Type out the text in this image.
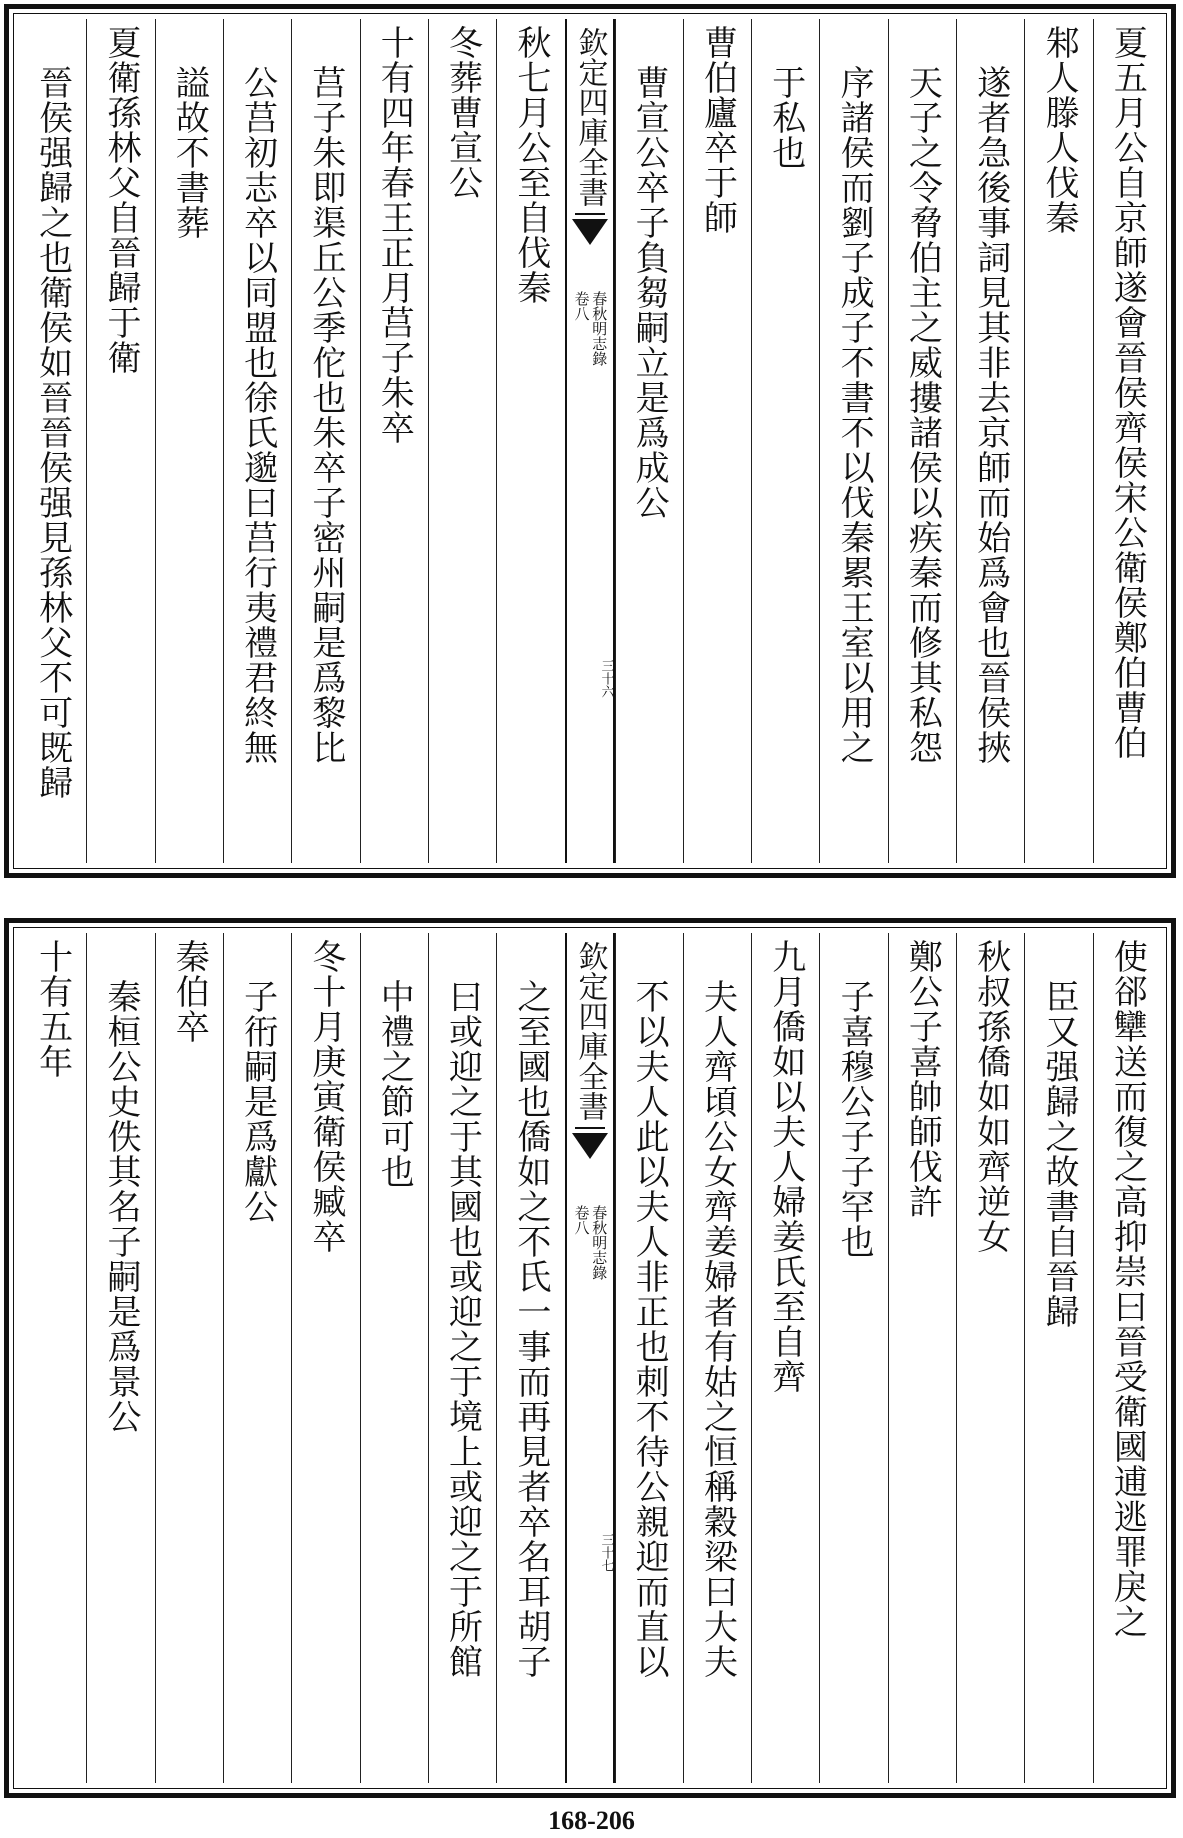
夏五月公自京師遂會晉侯齊侯宋公衛侯鄭伯曹伯
邾人滕人伐秦
遂者急後事詞見其非去京師而始爲會也晉侯挾
天子之令脅伯主之威摟諸侯以疾秦而修其私怨
序諸侯而劉子成子不書不以伐秦累王室以用之
于私也
曹伯廬卒于師
曹宣公卒子負芻嗣立是爲成公
欽定四庫全書
春秋明志錄
卷八
三十六
秋七月公至自伐秦
冬葬曹宣公
十有四年春王正月莒子朱卒
莒子朱即渠丘公季佗也朱卒子密州嗣是爲黎比
公莒初志卒以同盟也徐氏邈曰莒行夷禮君終無
謚故不書葬
夏衛孫林父自晉歸于衛
晉侯强歸之也衛侯如晉晉侯强見孫林父不可既歸
使郤犫送而復之高抑崇曰晉受衛國逋逃罪戾之
臣又强歸之故書自晉歸
秋叔孫僑如如齊逆女
鄭公子喜帥師伐許
子喜穆公子子罕也
九月僑如以夫人婦姜氏至自齊
夫人齊頃公女齊姜婦者有姑之恒稱穀梁曰大夫
不以夫人此以夫人非正也刺不待公親迎而直以
欽定四庫全書
春秋明志錄
卷八
三十七
之至國也僑如之不氏一事而再見者卒名耳胡子
曰或迎之于其國也或迎之于境上或迎之于所館
中禮之節可也
冬十月庚寅衛侯臧卒
子衎嗣是爲獻公
秦伯卒
秦桓公史佚其名子嗣是爲景公
十有五年
168-206
